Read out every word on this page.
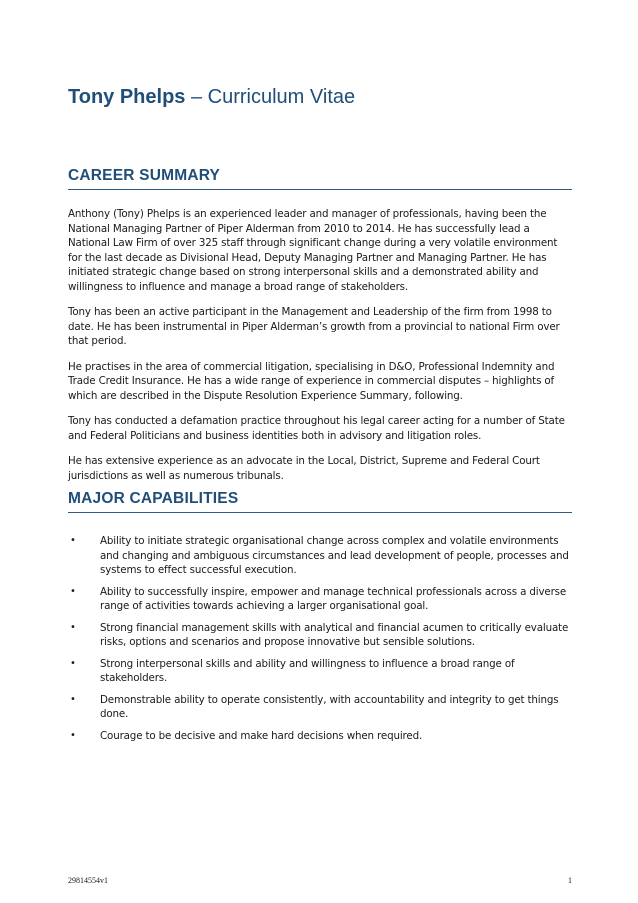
Tony Phelps – Curriculum Vitae
CAREER SUMMARY

Anthony (Tony) Phelps is an experienced leader and manager of professionals, having been the National Managing Partner of Piper Alderman from 2010 to 2014. He has successfully lead a National Law Firm of over 325 staff through significant change during a very volatile environment for the last decade as Divisional Head, Deputy Managing Partner and Managing Partner. He has initiated strategic change based on strong interpersonal skills and a demonstrated ability and willingness to influence and manage a broad range of stakeholders.

Tony has been an active participant in the Management and Leadership of the firm from 1998 to date. He has been instrumental in Piper Alderman’s growth from a provincial to national Firm over that period.

He practises in the area of commercial litigation, specialising in D&O, Professional Indemnity and Trade Credit Insurance. He has a wide range of experience in commercial disputes – highlights of which are described in the Dispute Resolution Experience Summary, following.

Tony has conducted a defamation practice throughout his legal career acting for a number of State and Federal Politicians and business identities both in advisory and litigation roles.

He has extensive experience as an advocate in the Local, District, Supreme and Federal Court jurisdictions as well as numerous tribunals.

MAJOR CAPABILITIES
• Ability to initiate strategic organisational change across complex and volatile environments and changing and ambiguous circumstances and lead development of people, processes and systems to effect successful execution.
• Ability to successfully inspire, empower and manage technical professionals across a diverse range of activities towards achieving a larger organisational goal.
• Strong financial management skills with analytical and financial acumen to critically evaluate risks, options and scenarios and propose innovative but sensible solutions.
• Strong interpersonal skills and ability and willingness to influence a broad range of stakeholders.
• Demonstrable ability to operate consistently, with accountability and integrity to get things done.
• Courage to be decisive and make hard decisions when required.
29814554v1	1
